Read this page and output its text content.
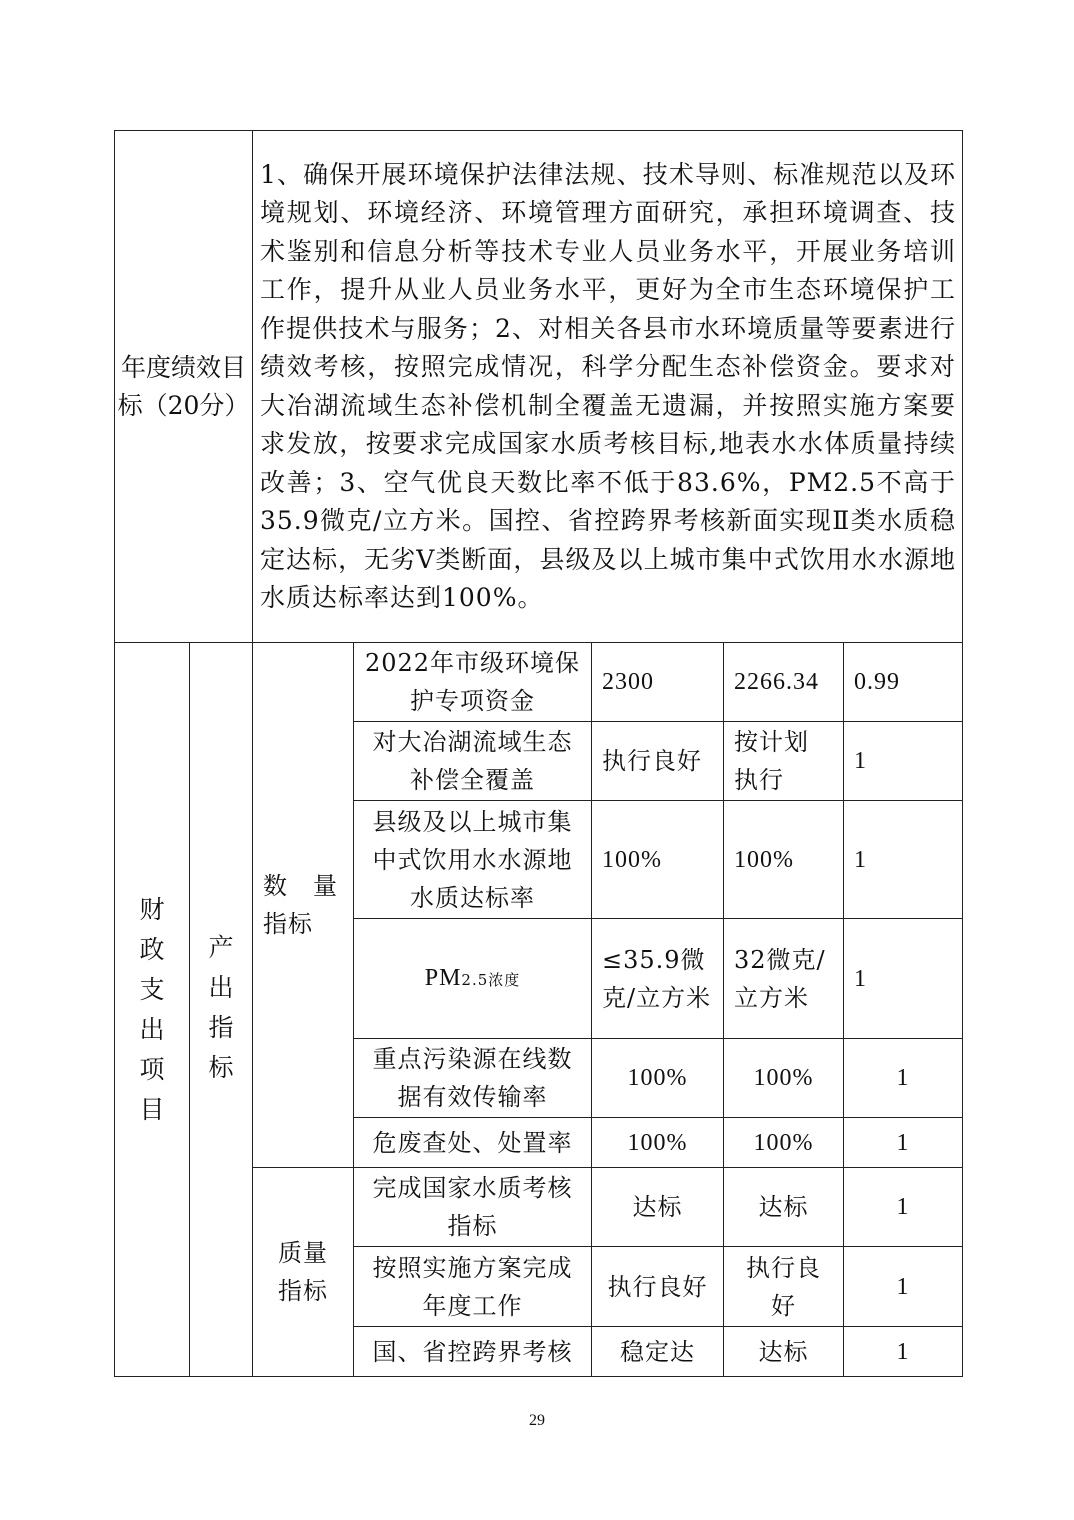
年度绩效目标（20分）		1、确保开展环境保护法律法规、技术导则、标准规范以及环境规划、环境经济、环境管理方面研究，承担环境调查、技术鉴别和信息分析等技术专业人员业务水平，开展业务培训工作，提升从业人员业务水平，更好为全市生态环境保护工作提供技术与服务；2、对相关各县市水环境质量等要素进行绩效考核，按照完成情况，科学分配生态补偿资金。要求对大冶湖流域生态补偿机制全覆盖无遗漏，并按照实施方案要求发放，按要求完成国家水质考核目标,地表水水体质量持续改善；3、空气优良天数比率不低于83.6%，PM2.5不高于35.9微克/立方米。国控、省控跨界考核新面实现Ⅱ类水质稳定达标，无劣Ⅴ类断面，县级及以上城市集中式饮用水水源地水质达标率达到100%。				

财政支出项目	产出指标	数　量指标	2022年市级环境保护专项资金	2300	2266.34	0.99
			对大冶湖流域生态补偿全覆盖	执行良好	按计划执行	1
			县级及以上城市集中式饮用水水源地水质达标率	100%	100%	1
			PM2.5浓度	≤35.9微克/立方米	32微克/立方米	1
			重点污染源在线数据有效传输率	100%	100%	1
			危废查处、处置率	100%	100%	1

		质量指标	完成国家水质考核指标	达标	达标	1
			按照实施方案完成年度工作	执行良好	执行良好	1
			国、省控跨界考核	稳定达	达标	1
29
